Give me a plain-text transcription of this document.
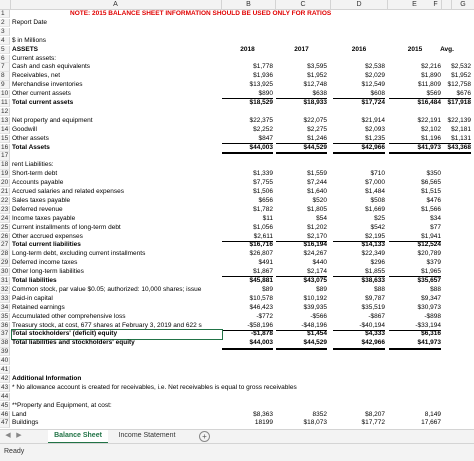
A	B	C	D	E	F	G
1	NOTE: 2015 BALANCE SHEET INFORMATION SHOULD BE USED ONLY FOR RATIOS
2	Report Date
3
4	$ in Millions
5	ASSETS	2018	2017	2016	2015	Avg.
6	Current assets:
7	Cash and cash equivalents	$1,778	$3,595	$2,538	$2,216	$2,532
8	Receivables, net	$1,936	$1,952	$2,029	$1,890	$1,952
9	Merchandise inventories	$13,925	$12,748	$12,549	$11,809	$12,758
10 Other current assets	$890	$638	$608	$569	$676
11 Total current assets	$18,529	$18,933	$17,724	$16,484	$17,918
12
13 Net property and equipment	$22,375	$22,075	$21,914	$22,191	$22,139
14 Goodwill	$2,252	$2,275	$2,093	$2,102	$2,181
15 Other assets	$847	$1,246	$1,235	$1,196	$1,131
16 Total Assets	$44,003	$44,529	$42,966	$41,973	$43,368
17
18 rent Liabilities:
19 Short-term debt	$1,339	$1,559	$710	$350
20 Accounts payable	$7,755	$7,244	$7,000	$6,565
21 Accrued salaries and related expenses	$1,506	$1,640	$1,484	$1,515
22 Sales taxes payable	$656	$520	$508	$476
23 Deferred revenue	$1,782	$1,805	$1,669	$1,566
24 Income taxes payable	$11	$54	$25	$34
25 Current installments of long-term debt	$1,056	$1,202	$542	$77
26 Other accrued expenses	$2,611	$2,170	$2,195	$1,941
27 Total current liabilities	$16,716	$16,194	$14,133	$12,524
28 Long-term debt, excluding current installments	$26,807	$24,267	$22,349	$20,789
29 Deferred income taxes	$491	$440	$296	$379
30 Other long-term liabilities	$1,867	$2,174	$1,855	$1,965
31 Total liabilities	$45,881	$43,075	$38,633	$35,657
32 Common stock, par value $0.05; authorized: 10,000 shares; issue	$89	$89	$88	$88
33 Paid-in capital	$10,578	$10,192	$9,787	$9,347
34 Retained earnings	$46,423	$39,935	$35,519	$30,973
35 Accumulated other comprehensive loss	-$772	-$566	-$867	-$898
36 Treasury stock, at cost, 677 shares at February 3, 2019 and 622 s	-$58,196	-$48,196	-$40,194	-$33,194
37 Total stockholders' (deficit) equity	-$1,878	$1,454	$4,333	$6,316
38 Total liabilities and stockholders' equity	$44,003	$44,529	$42,966	$41,973
39
40
41
42 Additional Information
43 * No allowance account is created for receivables, i.e. Net receivables is equal to gross receivables
44
45 **Property and Equipment, at cost:
46 Land	$8,363	8352	$8,207	8,149
47 Buildings	18199	$18,073	$17,772	17,667
◀ ▶	Balance Sheet	Income Statement	+
Ready
